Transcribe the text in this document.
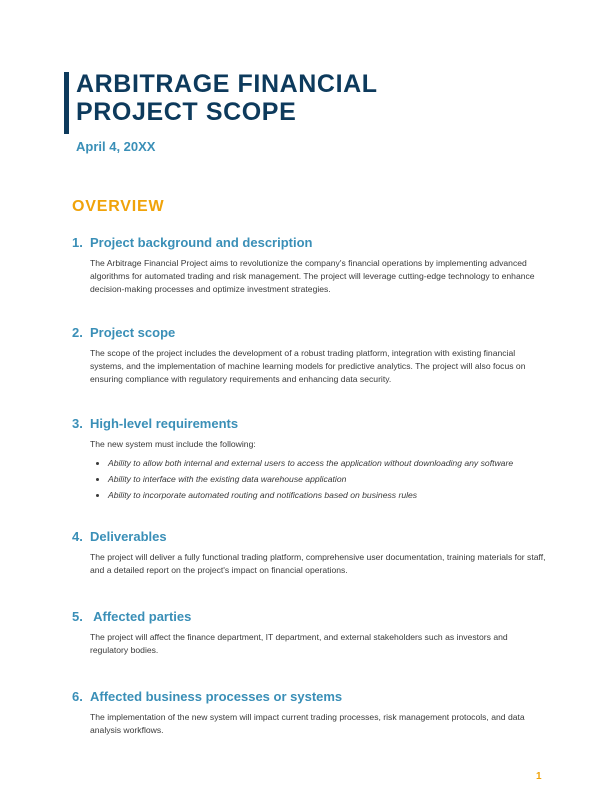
ARBITRAGE FINANCIAL
PROJECT SCOPE
April 4, 20XX
OVERVIEW
1. Project background and description

The Arbitrage Financial Project aims to revolutionize the company's financial operations by implementing advanced algorithms for automated trading and risk management. The project will leverage cutting-edge technology to enhance decision-making processes and optimize investment strategies.

2. Project scope

The scope of the project includes the development of a robust trading platform, integration with existing financial systems, and the implementation of machine learning models for predictive analytics. The project will also focus on ensuring compliance with regulatory requirements and enhancing data security.

3. High-level requirements

The new system must include the following:

• Ability to allow both internal and external users to access the application without downloading any software
• Ability to interface with the existing data warehouse application
• Ability to incorporate automated routing and notifications based on business rules
4. Deliverables

The project will deliver a fully functional trading platform, comprehensive user documentation, training materials for staff, and a detailed report on the project's impact on financial operations.

5. Affected parties

The project will affect the finance department, IT department, and external stakeholders such as investors and regulatory bodies.

6. Affected business processes or systems

The implementation of the new system will impact current trading processes, risk management protocols, and data analysis workflows.

1
